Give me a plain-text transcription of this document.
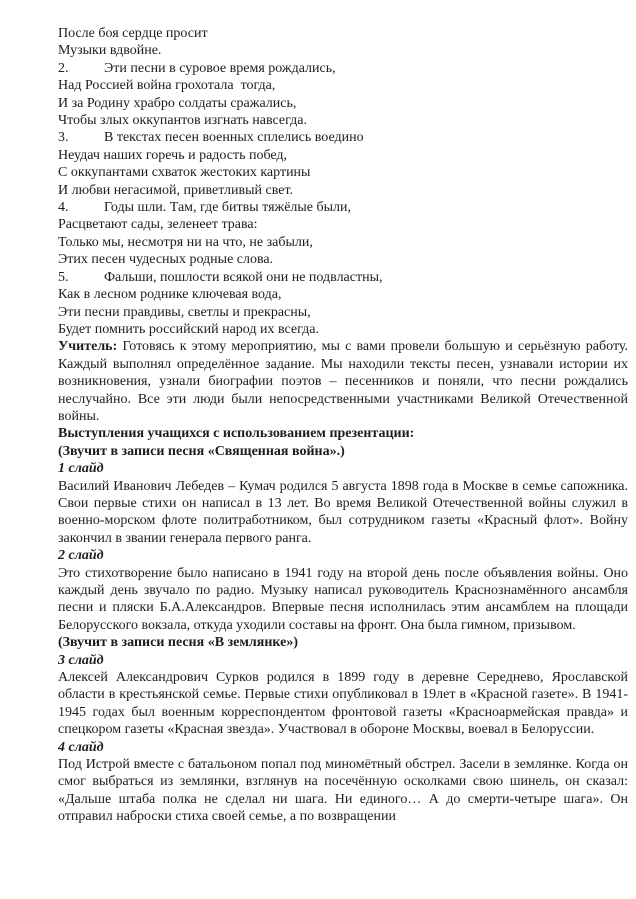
После боя сердце просит
Музыки вдвойне.
2.	Эти песни в суровое время рождались,
Над Россией война грохотала  тогда,
И за Родину храбро солдаты сражались,
Чтобы злых оккупантов изгнать навсегда.
3.	В текстах песен военных сплелись воедино
Неудач наших горечь и радость побед,
С оккупантами схваток жестоких картины
И любви негасимой, приветливый свет.
4.	Годы шли. Там, где битвы тяжёлые были,
Расцветают сады, зеленеет трава:
Только мы, несмотря ни на что, не забыли,
Этих песен чудесных родные слова.
5.	Фальши, пошлости всякой они не подвластны,
Как в лесном роднике ключевая вода,
Эти песни правдивы, светлы и прекрасны,
Будет помнить российский народ их всегда.

Учитель: Готовясь к этому мероприятию, мы с вами провели большую и серьёзную работу. Каждый выполнял определённое задание. Мы находили тексты песен, узнавали истории их возникновения, узнали биографии поэтов – песенников и поняли, что песни рождались неслучайно. Все эти люди были непосредственными участниками Великой Отечественной войны.

Выступления учащихся с использованием презентации:

(Звучит в записи песня «Священная война».)

1 слайд

Василий Иванович Лебедев – Кумач родился 5 августа 1898 года в Москве в семье сапожника. Свои первые стихи он написал в 13 лет. Во время Великой Отечественной войны служил в военно-морском флоте политработником, был сотрудником газеты «Красный флот». Войну закончил в звании генерала первого ранга.

2 слайд

Это стихотворение было написано в 1941 году на второй день после объявления войны. Оно каждый день звучало по радио. Музыку написал руководитель Краснознамённого ансамбля песни и пляски Б.А.Александров. Впервые песня исполнилась этим ансамблем на площади Белорусского вокзала, откуда уходили составы на фронт. Она была гимном, призывом.

(Звучит в записи песня «В землянке»)

3 слайд

Алексей Александрович Сурков родился в 1899 году в деревне Середнево, Ярославской области в крестьянской семье. Первые стихи опубликовал в 19лет в «Красной газете». В 1941-1945 годах был военным корреспондентом фронтовой газеты «Красноармейская правда» и спецкором газеты «Красная звезда». Участвовал в обороне Москвы, воевал в Белоруссии.

4 слайд

Под Истрой вместе с батальоном попал под миномётный обстрел. Засели в землянке. Когда он смог выбраться из землянки, взглянув на посечённую осколками свою шинель, он сказал: «Дальше штаба полка не сделал ни шага. Ни единого… А до смерти-четыре шага». Он отправил наброски стиха своей семье, а по возвращении
